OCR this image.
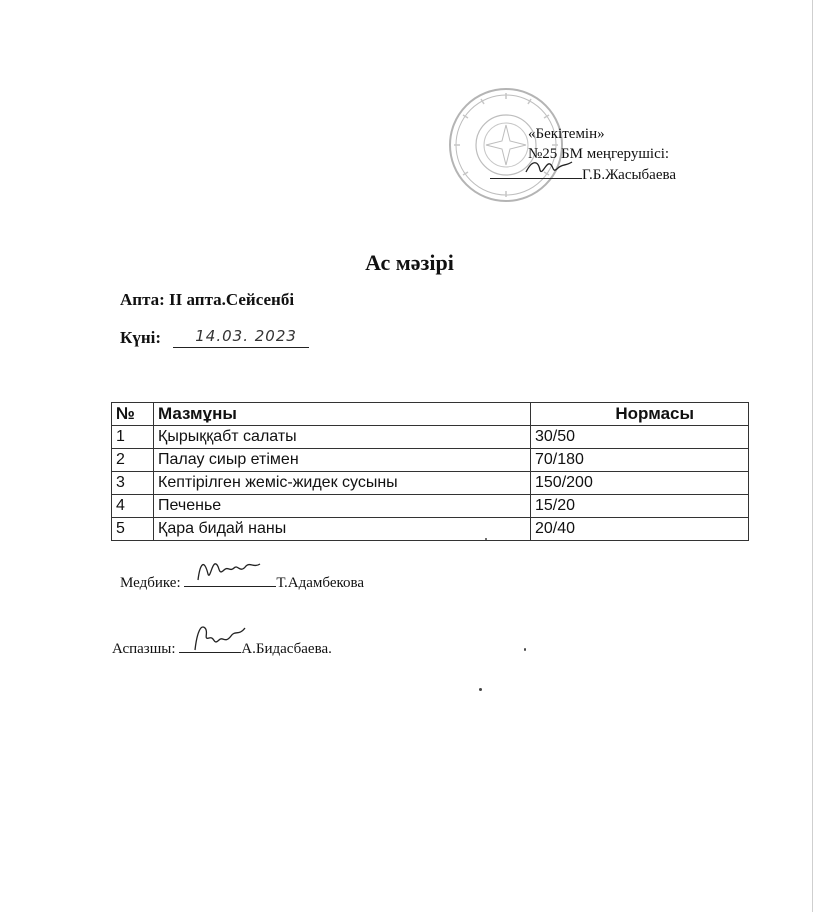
«Бекітемін»
№25 БМ меңгерушісі:
Г.Б.Жасыбаева
Ас мәзірі
Апта: ІІ апта.Сейсенбі
Күні: 14.03. 2023
№	Мазмұны	Нормасы
1	Қырыққабт салаты	30/50
2	Палау сиыр етімен	70/180
3	Кептірілген жеміс-жидек сусыны	150/200
4	Печенье	15/20
5	Қара бидай наны	20/40
Медбике:	Т.Адамбекова
Аспазшы:	А.Бидасбаева.
